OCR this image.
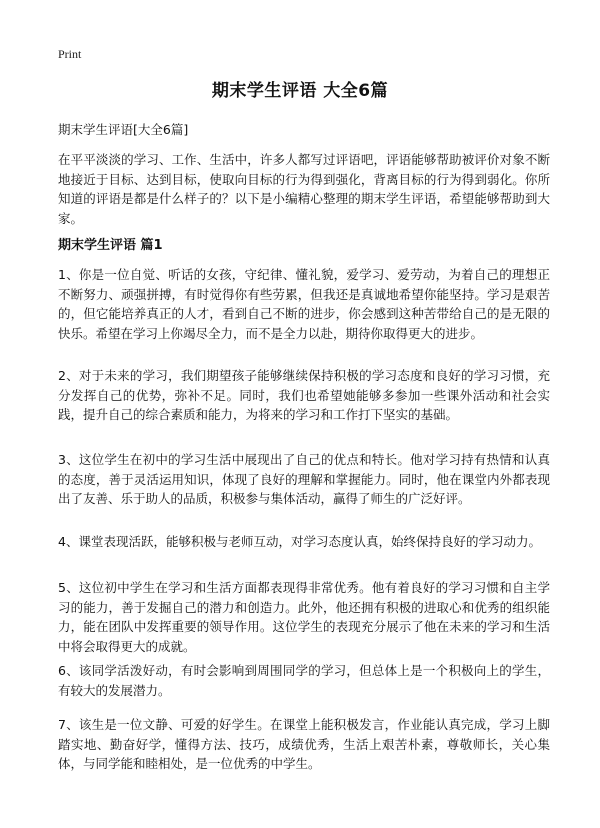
Print
期末学生评语 大全6篇
期末学生评语[大全6篇]

在平平淡淡的学习、工作、生活中，许多人都写过评语吧，评语能够帮助被评价对象不断地接近于目标、达到目标，使取向目标的行为得到强化，背离目标的行为得到弱化。你所知道的评语是都是什么样子的？以下是小编精心整理的期末学生评语，希望能够帮助到大家。

期末学生评语 篇1

1、你是一位自觉、听话的女孩，守纪律、懂礼貌，爱学习、爱劳动，为着自己的理想正不断努力、顽强拼搏，有时觉得你有些劳累，但我还是真诚地希望你能坚持。学习是艰苦的，但它能培养真正的人才，看到自己不断的进步，你会感到这种苦带给自己的是无限的快乐。希望在学习上你竭尽全力，而不是全力以赴，期待你取得更大的进步。

2、对于未来的学习，我们期望孩子能够继续保持积极的学习态度和良好的学习习惯，充分发挥自己的优势，弥补不足。同时，我们也希望她能够多参加一些课外活动和社会实践，提升自己的综合素质和能力，为将来的学习和工作打下坚实的基础。

3、这位学生在初中的学习生活中展现出了自己的优点和特长。他对学习持有热情和认真的态度，善于灵活运用知识，体现了良好的理解和掌握能力。同时，他在课堂内外都表现出了友善、乐于助人的品质，积极参与集体活动，赢得了师生的广泛好评。

4、课堂表现活跃，能够积极与老师互动，对学习态度认真，始终保持良好的学习动力。

5、这位初中学生在学习和生活方面都表现得非常优秀。他有着良好的学习习惯和自主学习的能力，善于发掘自己的潜力和创造力。此外，他还拥有积极的进取心和优秀的组织能力，能在团队中发挥重要的领导作用。这位学生的表现充分展示了他在未来的学习和生活中将会取得更大的成就。

6、该同学活泼好动，有时会影响到周围同学的学习，但总体上是一个积极向上的学生，有较大的发展潜力。

7、该生是一位文静、可爱的好学生。在课堂上能积极发言，作业能认真完成，学习上脚踏实地、勤奋好学，懂得方法、技巧，成绩优秀，生活上艰苦朴素，尊敬师长，关心集体，与同学能和睦相处，是一位优秀的中学生。
